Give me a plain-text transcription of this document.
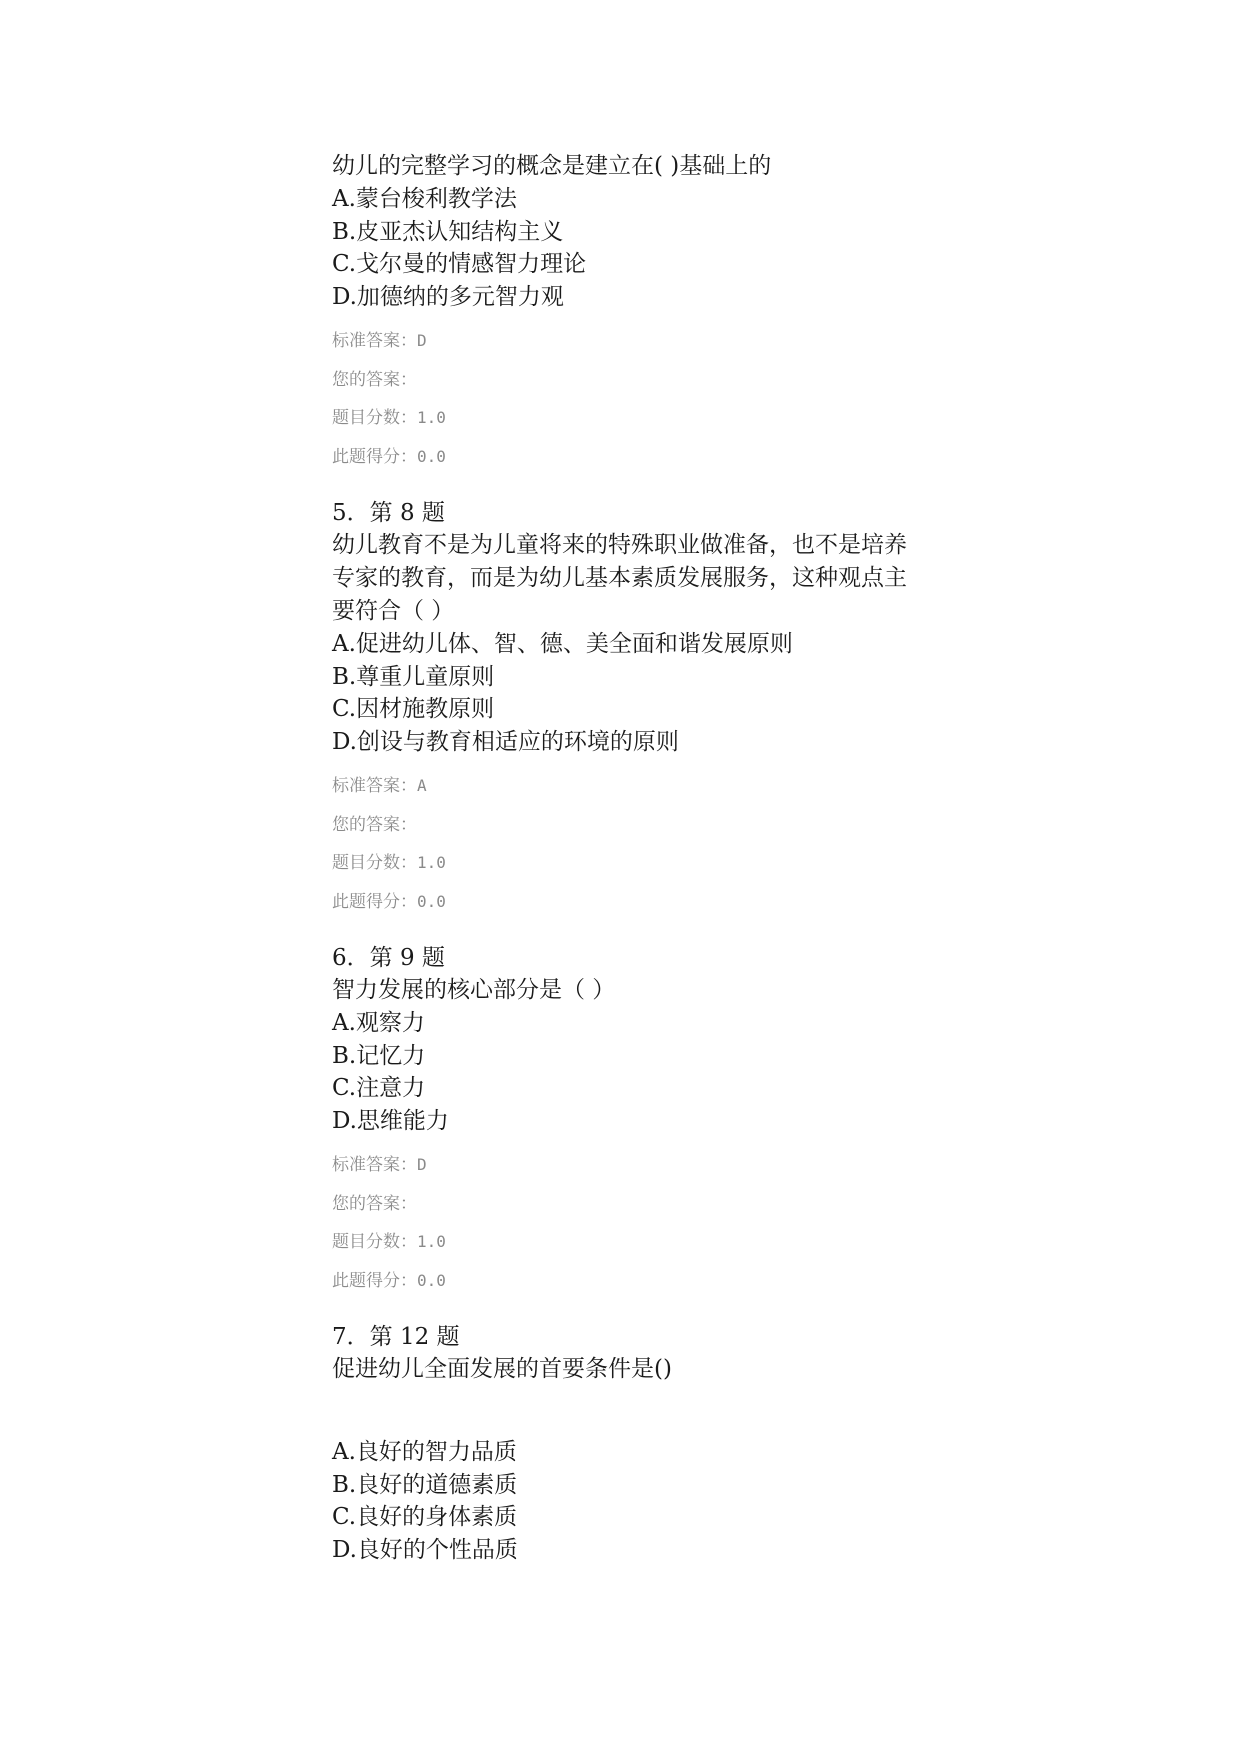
幼儿的完整学习的概念是建立在( )基础上的
A.蒙台梭利教学法
B.皮亚杰认知结构主义
C.戈尔曼的情感智力理论
D.加德纳的多元智力观
标准答案：D
您的答案：
题目分数：1.0
此题得分：0.0
5．第 8 题
幼儿教育不是为儿童将来的特殊职业做准备，也不是培养专家的教育，而是为幼儿基本素质发展服务，这种观点主要符合（ ）
A.促进幼儿体、智、德、美全面和谐发展原则
B.尊重儿童原则
C.因材施教原则
D.创设与教育相适应的环境的原则
标准答案：A
您的答案：
题目分数：1.0
此题得分：0.0
6．第 9 题
智力发展的核心部分是（ ）
A.观察力
B.记忆力
C.注意力
D.思维能力
标准答案：D
您的答案：
题目分数：1.0
此题得分：0.0
7．第 12 题
促进幼儿全面发展的首要条件是()
A.良好的智力品质
B.良好的道德素质
C.良好的身体素质
D.良好的个性品质
